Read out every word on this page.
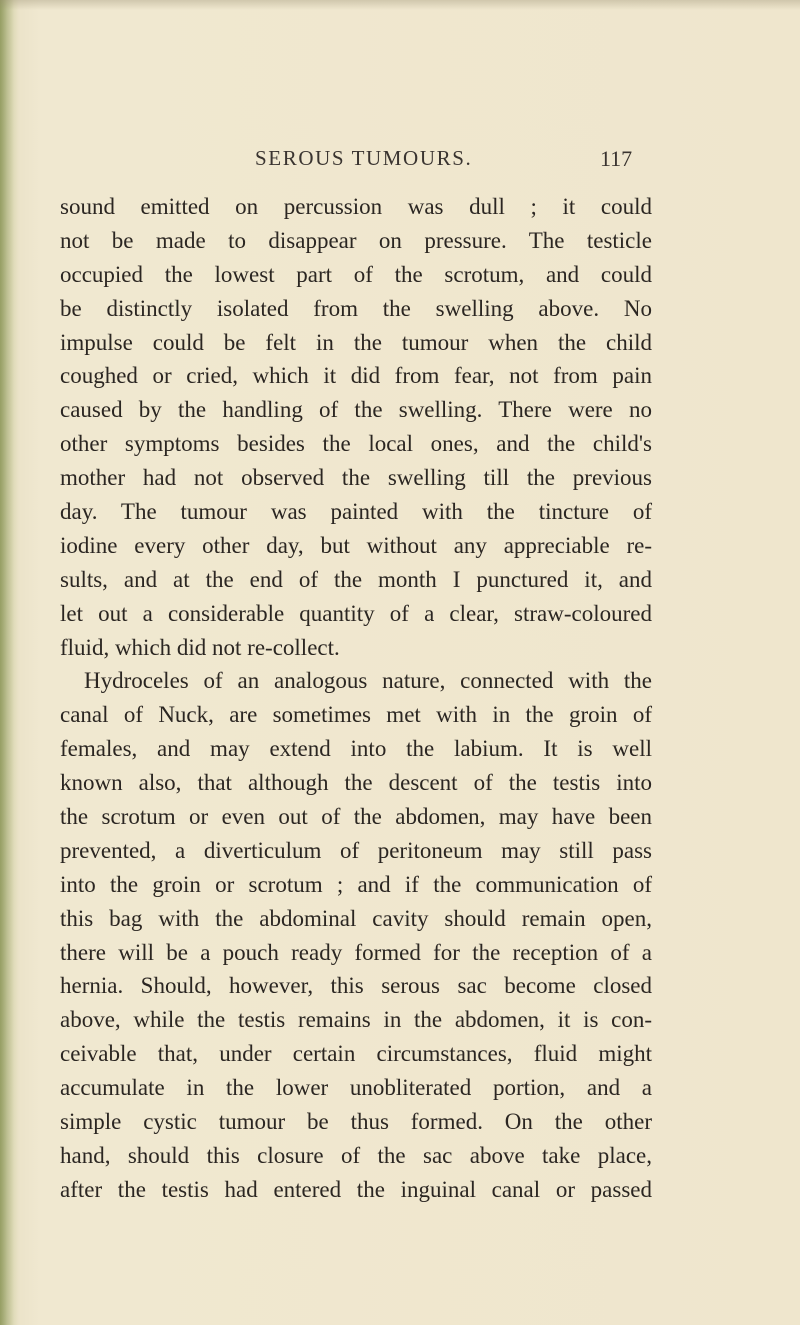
SEROUS TUMOURS.	117
sound emitted on percussion was dull ; it could
not be made to disappear on pressure. The testicle
occupied the lowest part of the scrotum, and could
be distinctly isolated from the swelling above. No
impulse could be felt in the tumour when the child
coughed or cried, which it did from fear, not from pain
caused by the handling of the swelling. There were no
other symptoms besides the local ones, and the child's
mother had not observed the swelling till the previous
day. The tumour was painted with the tincture of
iodine every other day, but without any appreciable re-
sults, and at the end of the month I punctured it, and
let out a considerable quantity of a clear, straw-coloured
fluid, which did not re-collect.
Hydroceles of an analogous nature, connected with the
canal of Nuck, are sometimes met with in the groin of
females, and may extend into the labium. It is well
known also, that although the descent of the testis into
the scrotum or even out of the abdomen, may have been
prevented, a diverticulum of peritoneum may still pass
into the groin or scrotum ; and if the communication of
this bag with the abdominal cavity should remain open,
there will be a pouch ready formed for the reception of a
hernia. Should, however, this serous sac become closed
above, while the testis remains in the abdomen, it is con-
ceivable that, under certain circumstances, fluid might
accumulate in the lower unobliterated portion, and a
simple cystic tumour be thus formed. On the other
hand, should this closure of the sac above take place,
after the testis had entered the inguinal canal or passed
